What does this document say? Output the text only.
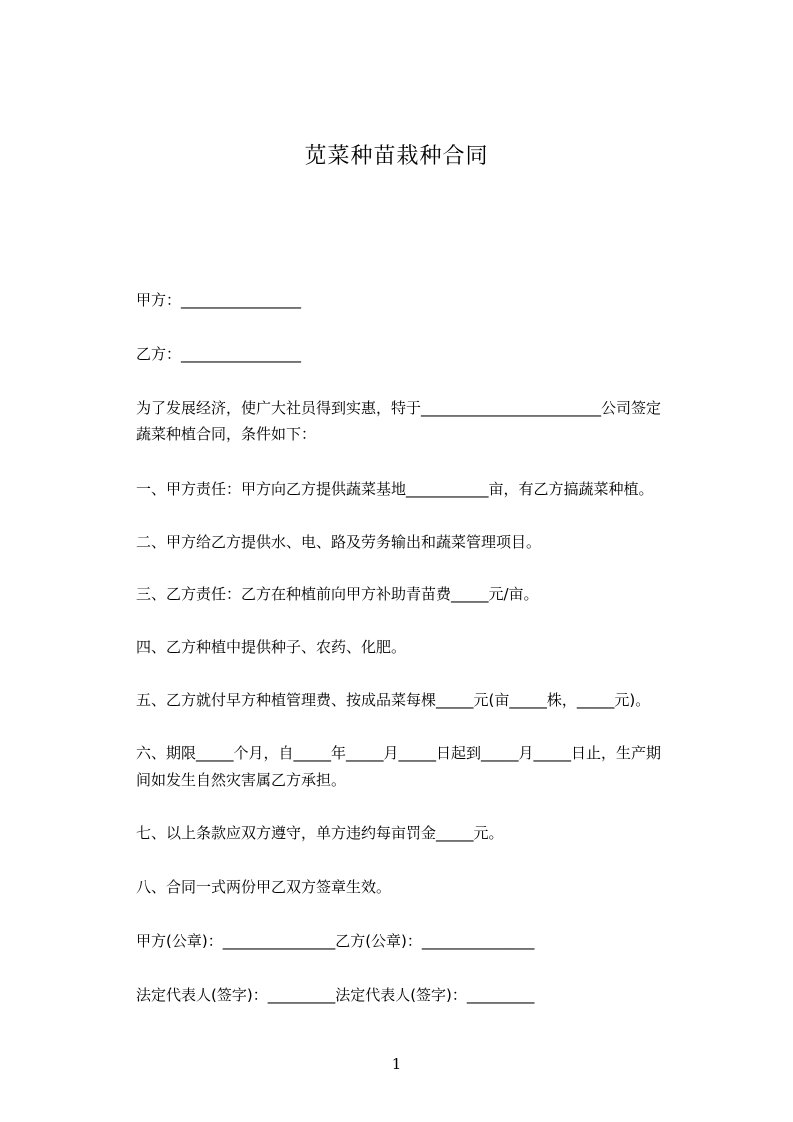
苋菜种苗栽种合同
甲方：________________
乙方：________________
为了发展经济，使广大社员得到实惠，特于________________________公司签定
蔬菜种植合同，条件如下：
一、甲方责任：甲方向乙方提供蔬菜基地___________亩，有乙方搞蔬菜种植。
二、甲方给乙方提供水、电、路及劳务输出和蔬菜管理项目。
三、乙方责任：乙方在种植前向甲方补助青苗费_____元/亩。
四、乙方种植中提供种子、农药、化肥。
五、乙方就付早方种植管理费、按成品菜每棵_____元(亩_____株，_____元)。
六、期限_____个月，自_____年_____月_____日起到_____月_____日止，生产期
间如发生自然灾害属乙方承担。
七、以上条款应双方遵守，单方违约每亩罚金_____元。
八、合同一式两份甲乙双方签章生效。
甲方(公章)：_______________乙方(公章)：_______________
法定代表人(签字)：_________法定代表人(签字)：_________
1
